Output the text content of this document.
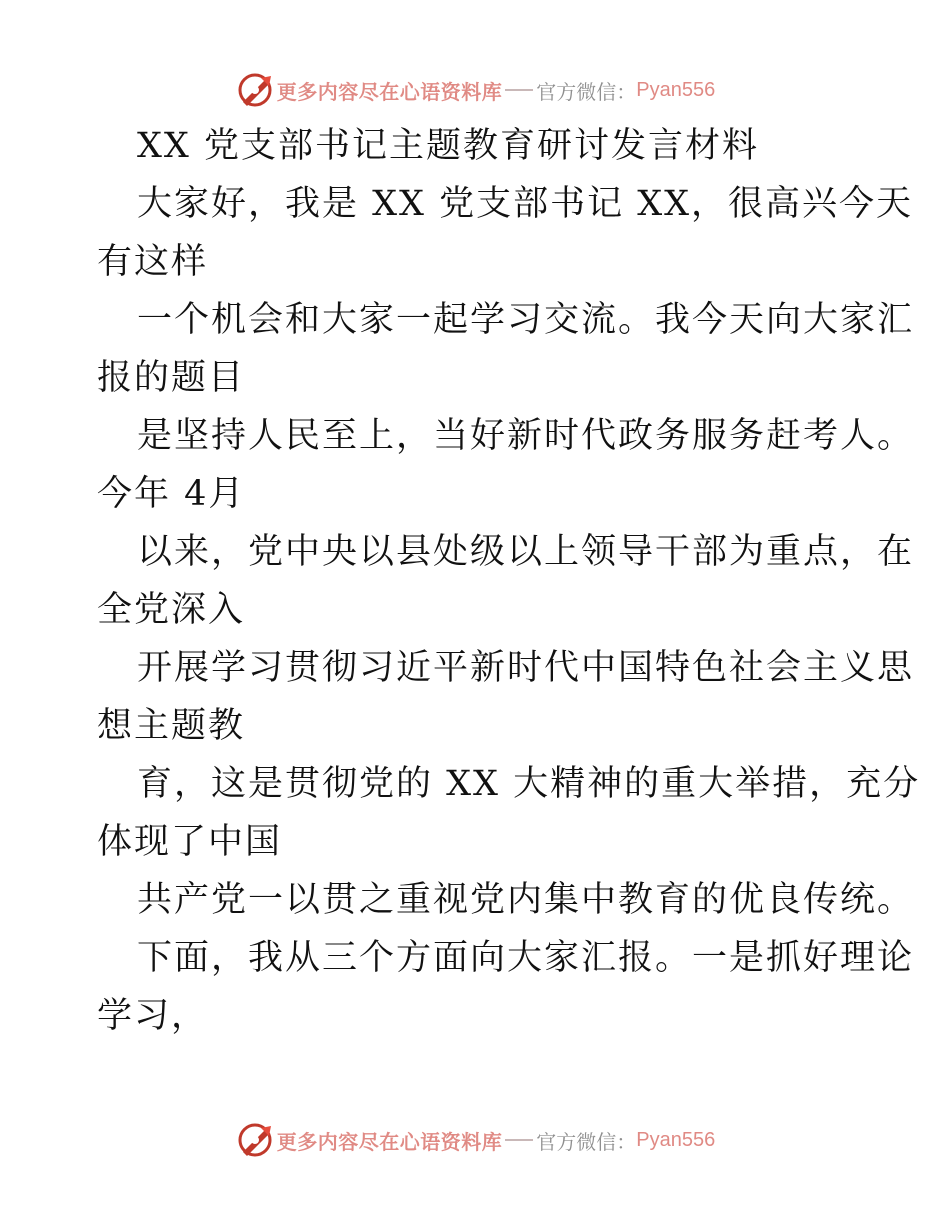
更多内容尽在心语资料库 官方微信： Pyan556
XX 党支部书记主题教育研讨发言材料
大家好，我是 XX 党支部书记 XX，很高兴今天
有这样
一个机会和大家一起学习交流。我今天向大家汇
报的题目
是坚持人民至上，当好新时代政务服务赶考人。
今年 4月
以来，党中央以县处级以上领导干部为重点，在
全党深入
开展学习贯彻习近平新时代中国特色社会主义思
想主题教
育，这是贯彻党的 XX 大精神的重大举措，充分
体现了中国
共产党一以贯之重视党内集中教育的优良传统。
下面，我从三个方面向大家汇报。一是抓好理论
学习，
更多内容尽在心语资料库 官方微信： Pyan556
